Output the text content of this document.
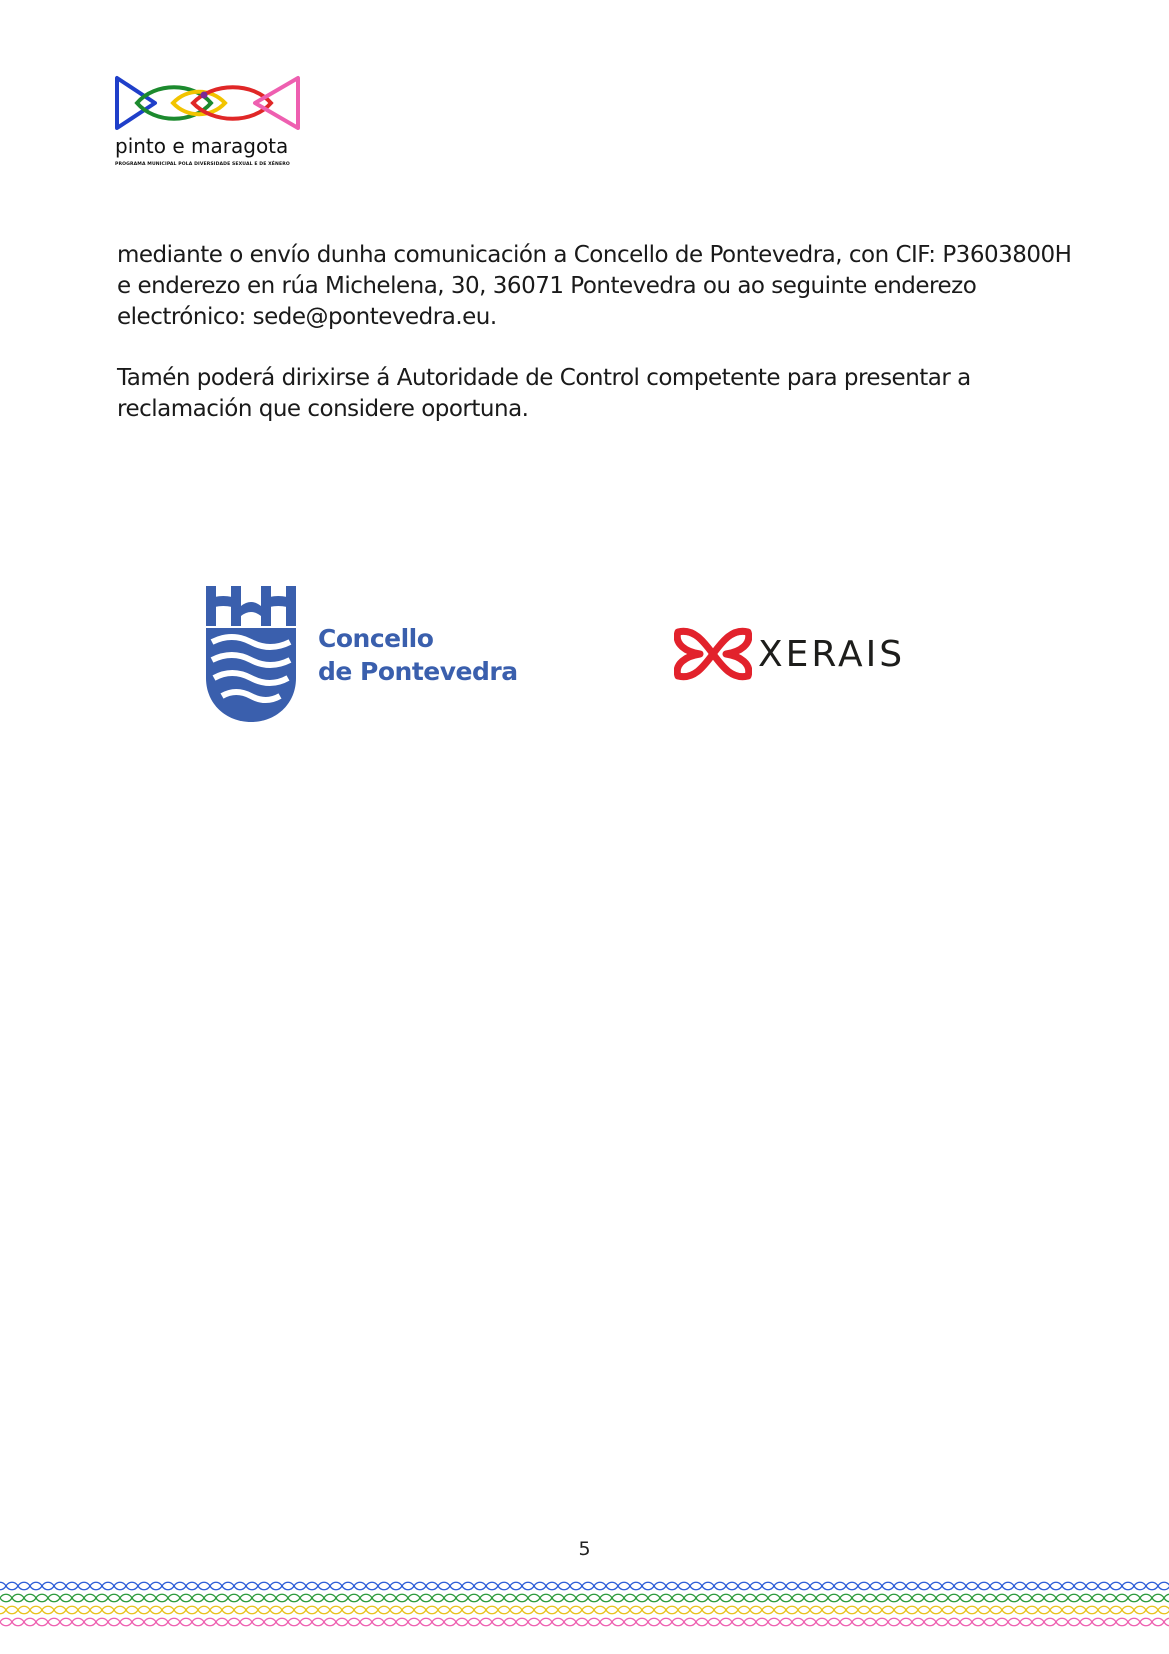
pinto e maragota
PROGRAMA MUNICIPAL POLA DIVERSIDADE SEXUAL E DE XÉNERO

mediante o envío dunha comunicación a Concello de Pontevedra, con CIF: P3603800H e enderezo en rúa Michelena, 30, 36071 Pontevedra ou ao seguinte enderezo electrónico: sede@pontevedra.eu.

Tamén poderá dirixirse á Autoridade de Control competente para presentar a reclamación que considere oportuna.

Concello
de Pontevedra	XERAIS
5
